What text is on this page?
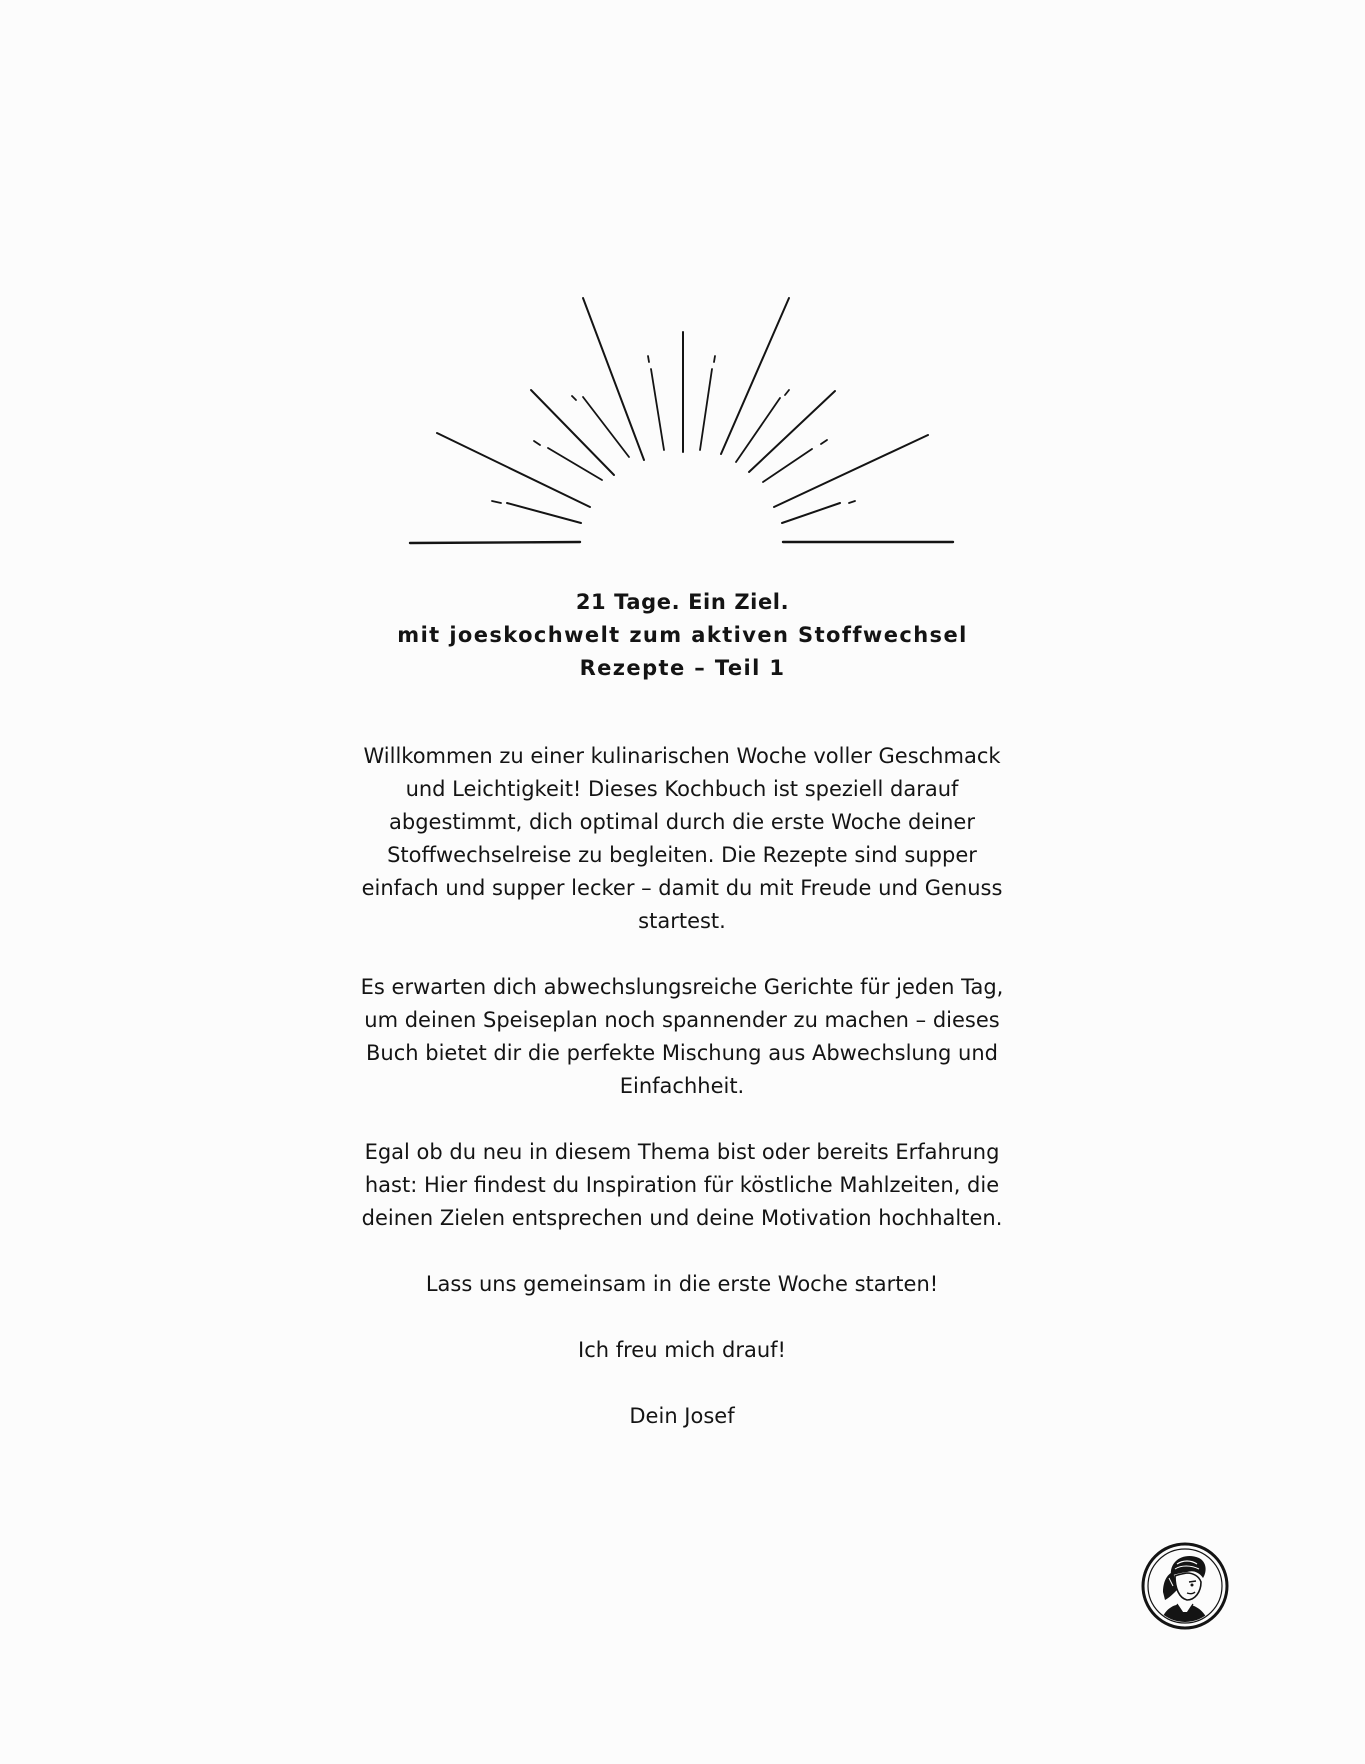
21 Tage. Ein Ziel.
mit joeskochwelt zum aktiven Stoffwechsel
Rezepte – Teil 1

Willkommen zu einer kulinarischen Woche voller Geschmack und Leichtigkeit! Dieses Kochbuch ist speziell darauf abgestimmt, dich optimal durch die erste Woche deiner Stoffwechselreise zu begleiten. Die Rezepte sind supper einfach und supper lecker – damit du mit Freude und Genuss startest.

Es erwarten dich abwechslungsreiche Gerichte für jeden Tag, um deinen Speiseplan noch spannender zu machen – dieses Buch bietet dir die perfekte Mischung aus Abwechslung und Einfachheit.

Egal ob du neu in diesem Thema bist oder bereits Erfahrung hast: Hier findest du Inspiration für köstliche Mahlzeiten, die deinen Zielen entsprechen und deine Motivation hochhalten.

Lass uns gemeinsam in die erste Woche starten!

Ich freu mich drauf!

Dein Josef
